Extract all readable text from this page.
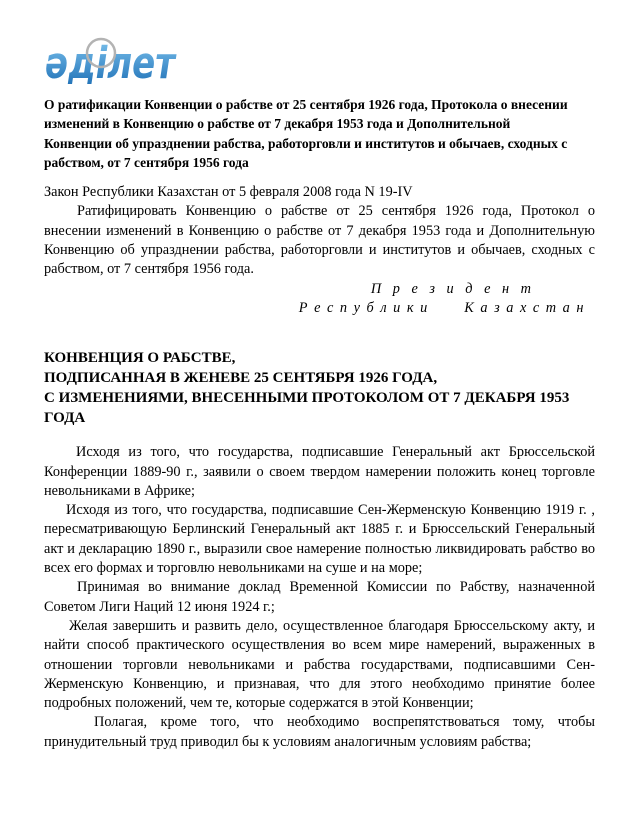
әділет
О ратификации Конвенции о рабстве от 25 сентября 1926 года, Протокола о внесении
изменений в Конвенцию о рабстве от 7 декабря 1953 года и Дополнительной
Конвенции об упразднении рабства, работорговли и институтов и обычаев, сходных с
рабством, от 7 сентября 1956 года

Закон Республики Казахстан от 5 февраля 2008 года N 19-IV

Ратифицировать Конвенцию о рабстве от 25 сентября 1926 года, Протокол о внесении изменений в Конвенцию о рабстве от 7 декабря 1953 года и Дополнительную Конвенцию об упразднении рабства, работорговли и институтов и обычаев, сходных с рабством, от 7 сентября 1956 года.

П р е з и д е н т
Р е с п у б л и к и       К а з а х с т а н
КОНВЕНЦИЯ О РАБСТВЕ,
ПОДПИСАННАЯ В ЖЕНЕВЕ 25 СЕНТЯБРЯ 1926 ГОДА,
С ИЗМЕНЕНИЯМИ, ВНЕСЕННЫМИ ПРОТОКОЛОМ ОТ 7 ДЕКАБРЯ 1953
ГОДА

Исходя из того, что государства, подписавшие Генеральный акт Брюссельской Конференции 1889-90 г., заявили о своем твердом намерении положить конец торговле невольниками в Африке;

Исходя из того, что государства, подписавшие Сен-Жерменскую Конвенцию 1919 г. , пересматривающую Берлинский Генеральный акт 1885 г. и Брюссельский Генеральный акт и декларацию 1890 г., выразили свое намерение полностью ликвидировать рабство во всех его формах и торговлю невольниками на суше и на море;

Принимая во внимание доклад Временной Комиссии по Рабству, назначенной Советом Лиги Наций 12 июня 1924 г.;

Желая завершить и развить дело, осуществленное благодаря Брюссельскому акту, и найти способ практического осуществления во всем мире намерений, выраженных в отношении торговли невольниками и рабства государствами, подписавшими Сен-Жерменскую Конвенцию, и признавая, что для этого необходимо принятие более подробных положений, чем те, которые содержатся в этой Конвенции;

Полагая, кроме того, что необходимо воспрепятствоваться тому, чтобы принудительный труд приводил бы к условиям аналогичным условиям рабства;
